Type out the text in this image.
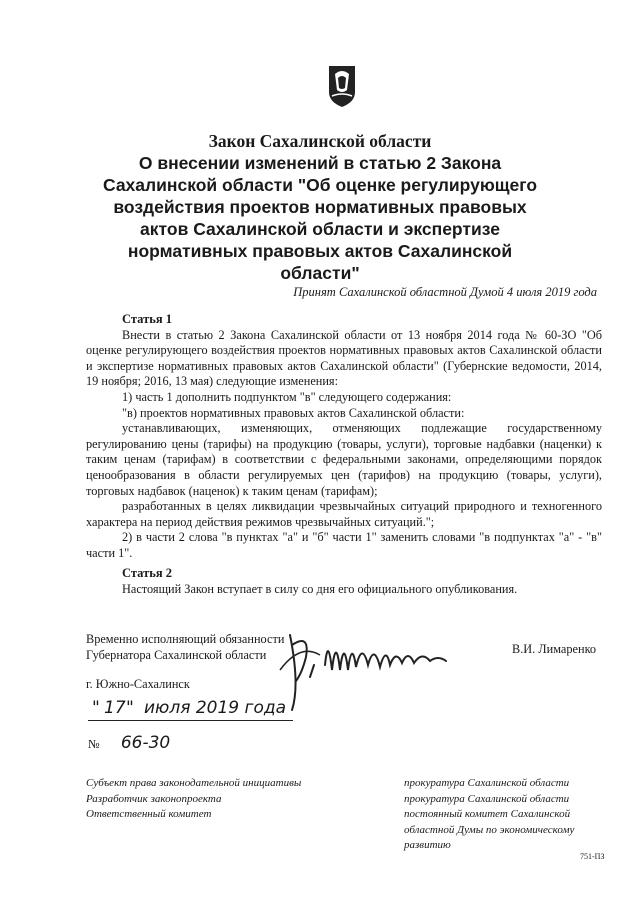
Закон Сахалинской области
О внесении изменений в статью 2 Закона
Сахалинской области "Об оценке регулирующего
воздействия проектов нормативных правовых
актов Сахалинской области и экспертизе
нормативных правовых актов Сахалинской
области"
Принят Сахалинской областной Думой 4 июля 2019 года

Статья 1

Внести в статью 2 Закона Сахалинской области от 13 ноября 2014 года № 60-ЗО "Об оценке регулирующего воздействия проектов нормативных правовых актов Сахалинской области и экспертизе нормативных правовых актов Сахалинской области" (Губернские ведомости, 2014, 19 ноября; 2016, 13 мая) следующие изменения:

1) часть 1 дополнить подпунктом "в" следующего содержания:

"в) проектов нормативных правовых актов Сахалинской области:

устанавливающих, изменяющих, отменяющих подлежащие государственному регулированию цены (тарифы) на продукцию (товары, услуги), торговые надбавки (наценки) к таким ценам (тарифам) в соответствии с федеральными законами, определяющими порядок ценообразования в области регулируемых цен (тарифов) на продукцию (товары, услуги), торговых надбавок (наценок) к таким ценам (тарифам);

разработанных в целях ликвидации чрезвычайных ситуаций природного и техногенного характера на период действия режимов чрезвычайных ситуаций.";

2) в части 2 слова "в пунктах "а" и "б" части 1" заменить словами "в подпунктах "а" - "в" части 1".

Статья 2

Настоящий Закон вступает в силу со дня его официального опубликования.

Временно исполняющий обязанности
Губернатора Сахалинской области	В.И. Лимаренко
г. Южно-Сахалинск
" 17 " июля 2019 года
№ 66-30
Субъект права законодательной инициативы
Разработчик законопроекта
Ответственный комитет
прокуратура Сахалинской области
прокуратура Сахалинской области
постоянный комитет Сахалинской областной Думы по экономическому развитию
751-ПЗ
